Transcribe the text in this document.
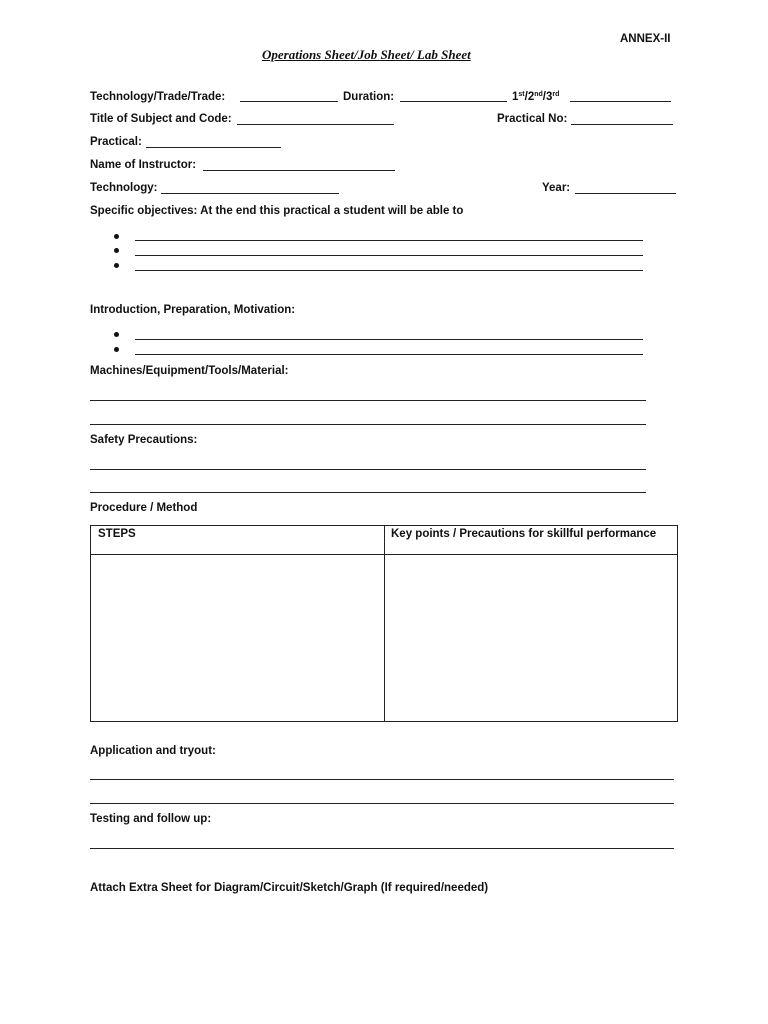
ANNEX-II
Operations Sheet/Job Sheet/ Lab Sheet
Technology/Trade/Trade:	Duration:	1st/2nd/3rd
Title of Subject and Code:	Practical No:
Practical:
Name of Instructor:
Technology:	Year:
Specific objectives: At the end this practical a student will be able to
Introduction, Preparation, Motivation:
Machines/Equipment/Tools/Material:
Safety Precautions:
Procedure / Method
STEPS	Key points / Precautions for skillful performance
Application and tryout:
Testing and follow up:
Attach Extra Sheet for Diagram/Circuit/Sketch/Graph (If required/needed)
